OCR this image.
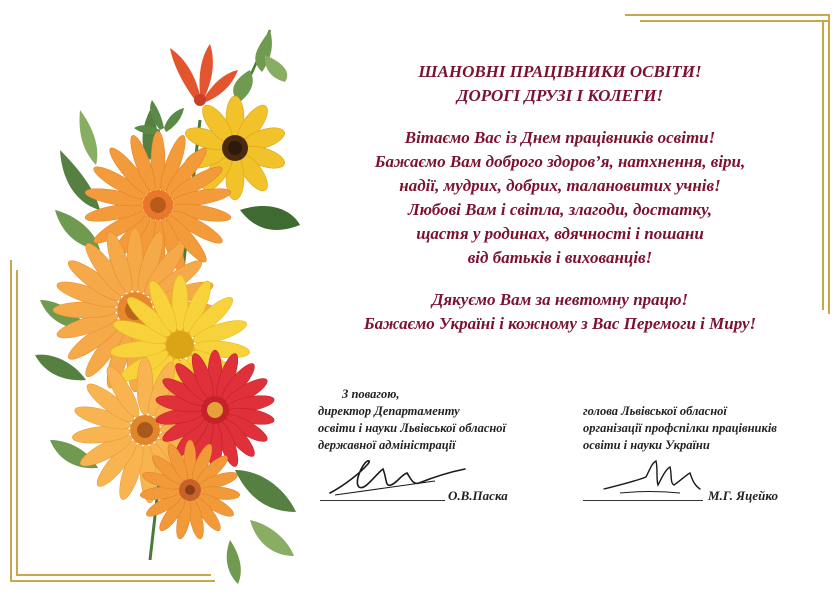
ШАНОВНІ ПРАЦІВНИКИ ОСВІТИ!
ДОРОГІ ДРУЗІ І КОЛЕГИ!
Вітаємо Вас із Днем працівників освіти!
Бажаємо Вам доброго здоров’я, натхнення, віри,
надії, мудрих, добрих, талановитих учнів!
Любові Вам і світла, злагоди, достатку,
щастя у родинах, вдячності і пошани
від батьків і вихованців!
Дякуємо Вам за невтомну працю!
Бажаємо Україні і кожному з Вас Перемоги і Миру!
З повагою,
директор Департаменту
освіти і науки Львівської обласної
державної адміністрації
О.В.Паска
голова Львівської обласної
організації профспілки працівників
освіти і науки України
М.Г. Яцейко
